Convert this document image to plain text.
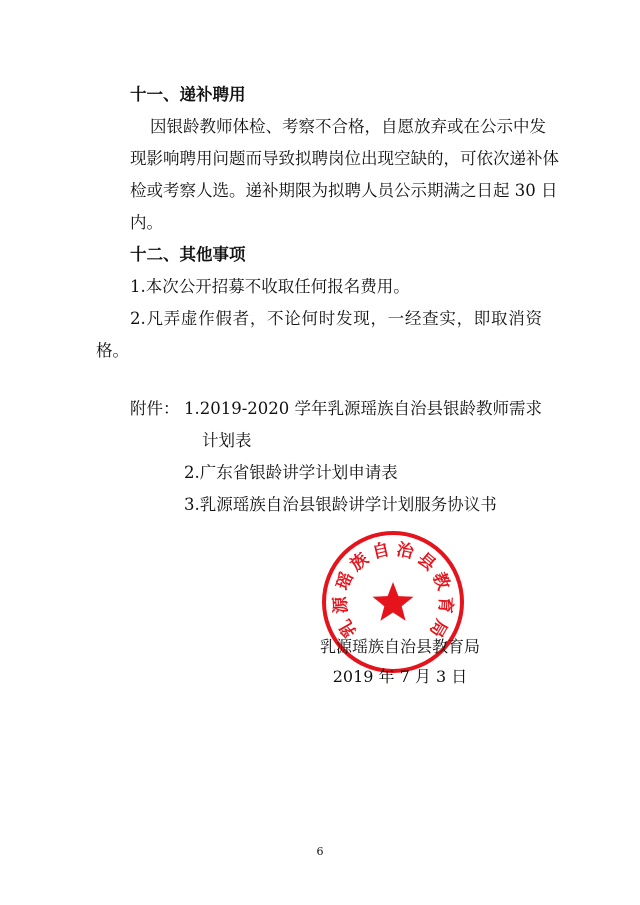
十一、递补聘用
因银龄教师体检、考察不合格，自愿放弃或在公示中发
现影响聘用问题而导致拟聘岗位出现空缺的，可依次递补体
检或考察人选。递补期限为拟聘人员公示期满之日起 30 日
内。
十二、其他事项
1.本次公开招募不收取任何报名费用。
2.凡弄虚作假者，不论何时发现，一经查实，即取消资
格。
附件： 1.2019-2020 学年乳源瑶族自治县银龄教师需求
计划表
2.广东省银龄讲学计划申请表
3.乳源瑶族自治县银龄讲学计划服务协议书
乳
源
瑶
族
自 治
县
教
育
局
乳源瑶族自治县教育局
2019 年 7 月 3 日
6
